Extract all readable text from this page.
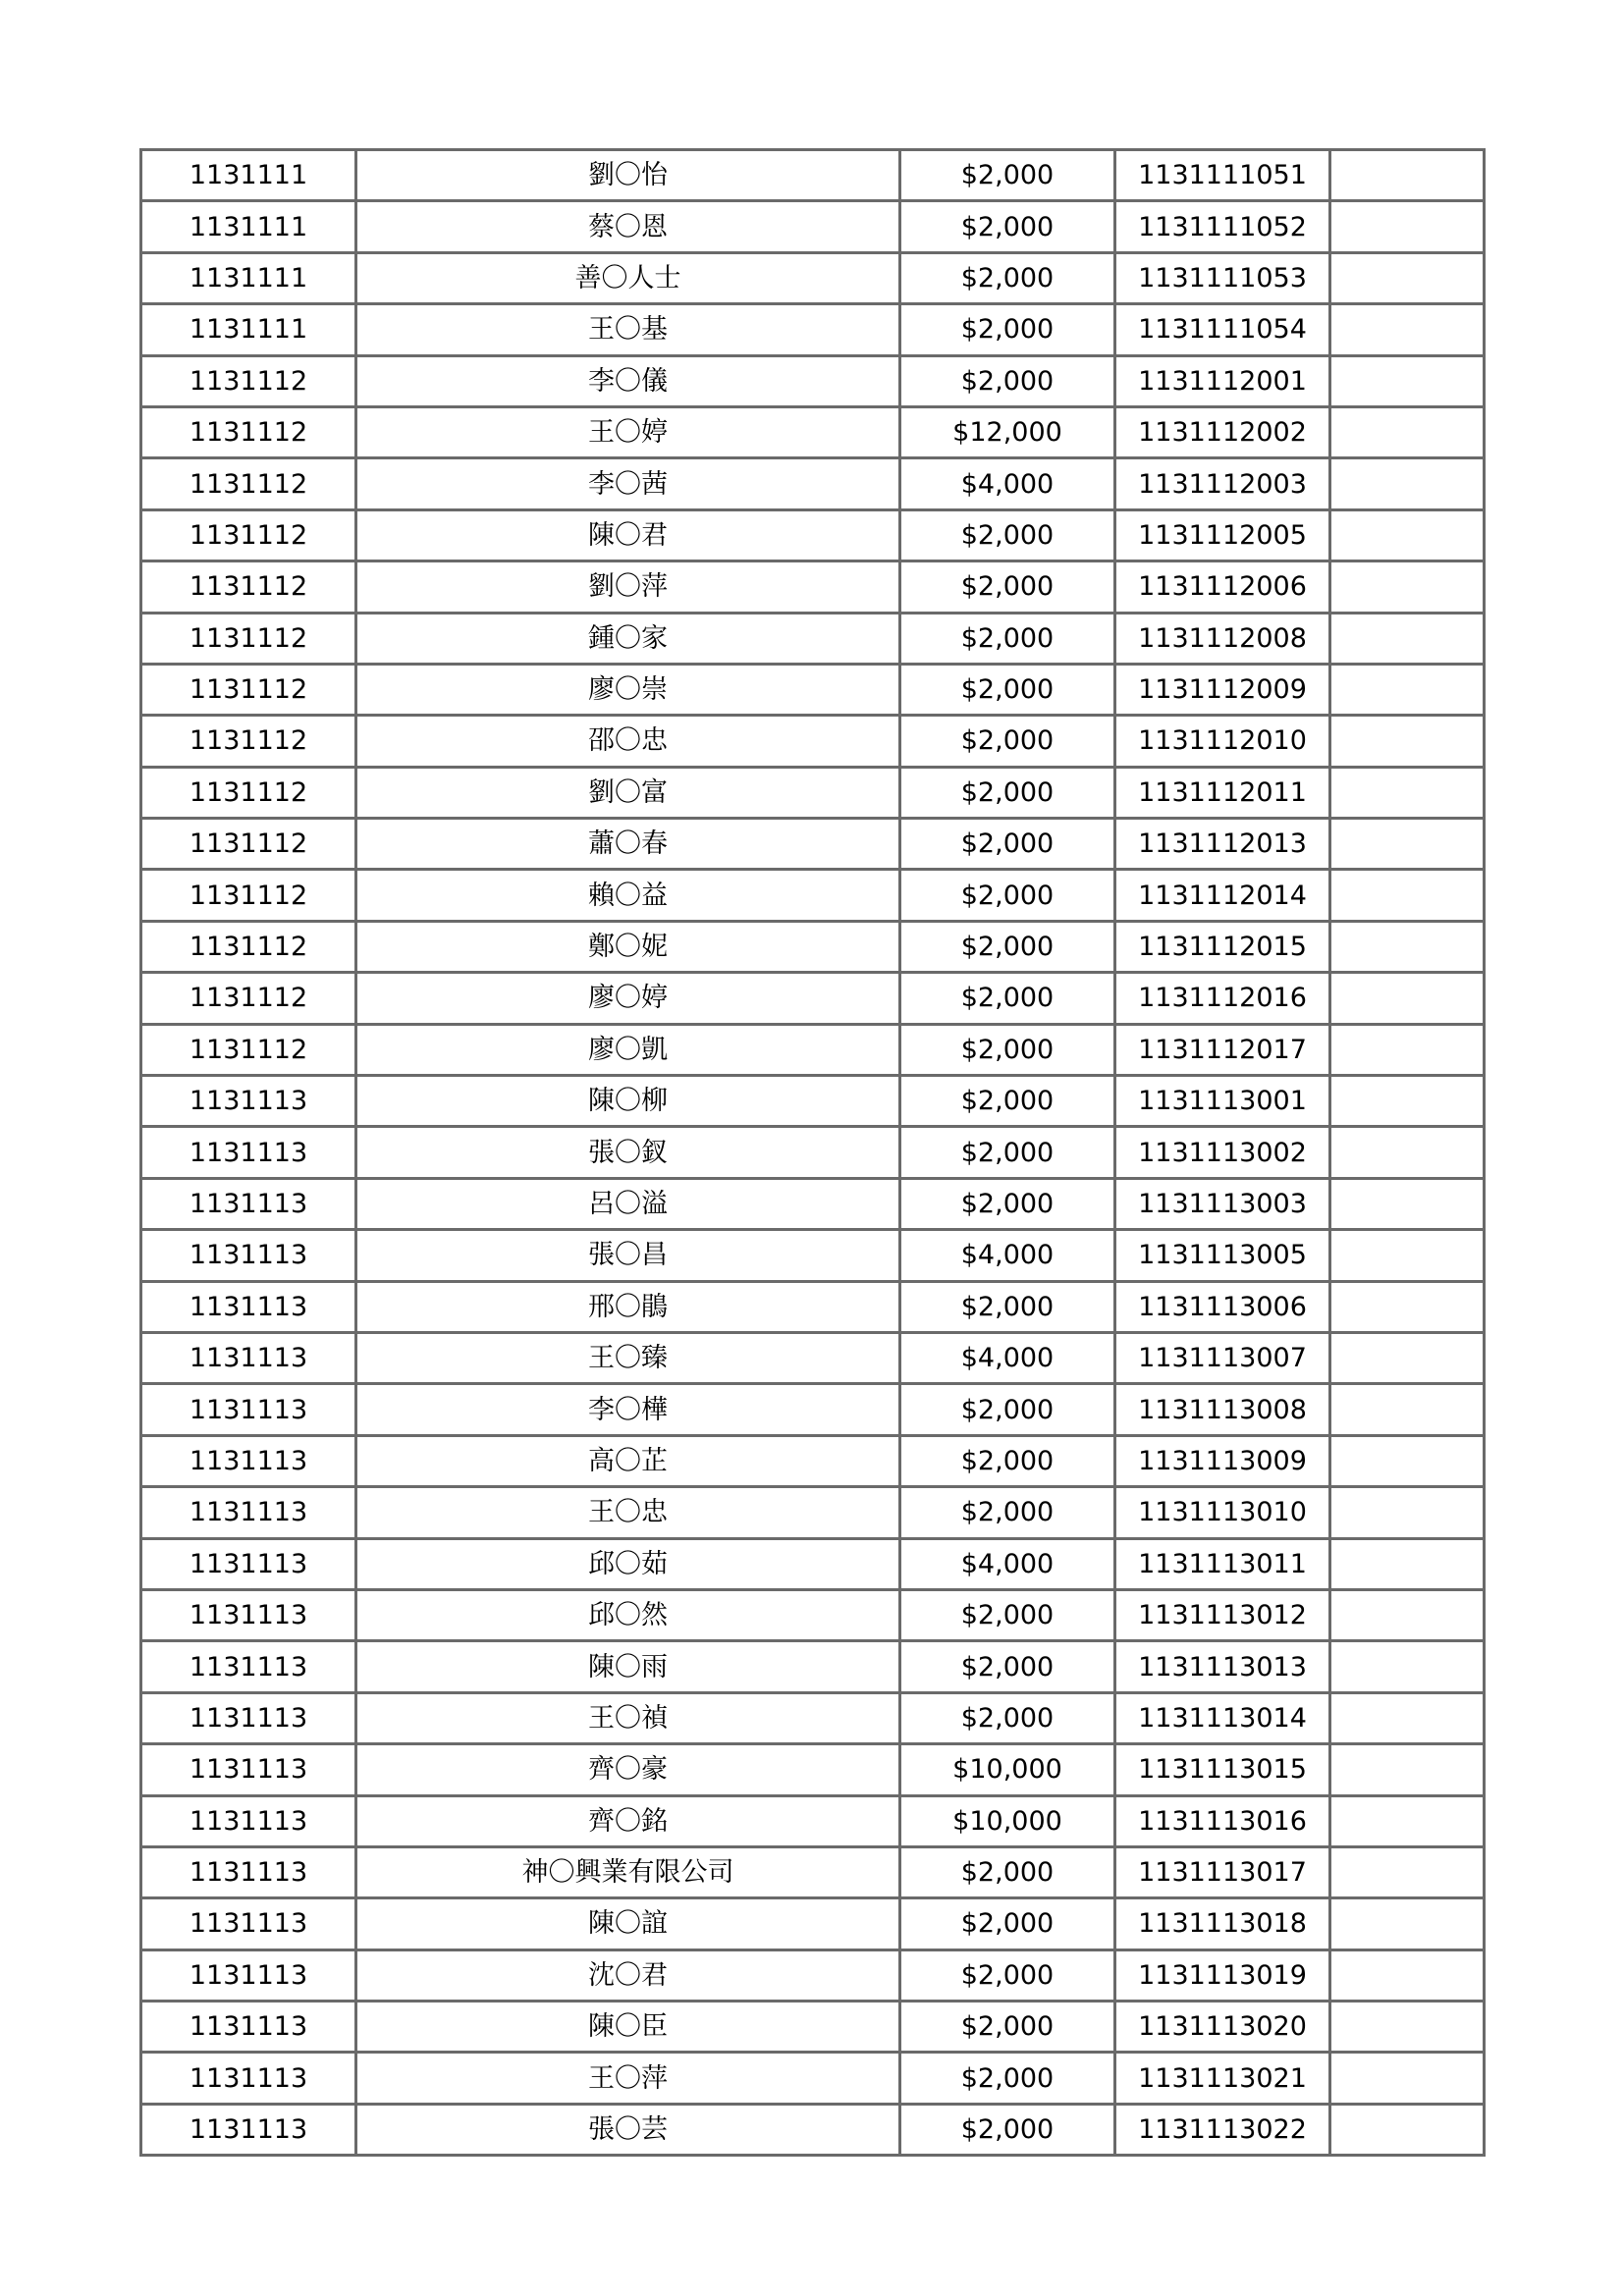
1131111	劉〇怡	$2,000	1131111051	
1131111	蔡〇恩	$2,000	1131111052	
1131111	善〇人士	$2,000	1131111053	
1131111	王〇基	$2,000	1131111054	
1131112	李〇儀	$2,000	1131112001	
1131112	王〇婷	$12,000	1131112002	
1131112	李〇茜	$4,000	1131112003	
1131112	陳〇君	$2,000	1131112005	
1131112	劉〇萍	$2,000	1131112006	
1131112	鍾〇家	$2,000	1131112008	
1131112	廖〇崇	$2,000	1131112009	
1131112	邵〇忠	$2,000	1131112010	
1131112	劉〇富	$2,000	1131112011	
1131112	蕭〇春	$2,000	1131112013	
1131112	賴〇益	$2,000	1131112014	
1131112	鄭〇妮	$2,000	1131112015	
1131112	廖〇婷	$2,000	1131112016	
1131112	廖〇凱	$2,000	1131112017	
1131113	陳〇柳	$2,000	1131113001	
1131113	張〇釵	$2,000	1131113002	
1131113	呂〇溢	$2,000	1131113003	
1131113	張〇昌	$4,000	1131113005	
1131113	邢〇鵑	$2,000	1131113006	
1131113	王〇臻	$4,000	1131113007	
1131113	李〇樺	$2,000	1131113008	
1131113	高〇芷	$2,000	1131113009	
1131113	王〇忠	$2,000	1131113010	
1131113	邱〇茹	$4,000	1131113011	
1131113	邱〇然	$2,000	1131113012	
1131113	陳〇雨	$2,000	1131113013	
1131113	王〇禎	$2,000	1131113014	
1131113	齊〇豪	$10,000	1131113015	
1131113	齊〇銘	$10,000	1131113016	
1131113	神〇興業有限公司	$2,000	1131113017	
1131113	陳〇誼	$2,000	1131113018	
1131113	沈〇君	$2,000	1131113019	
1131113	陳〇臣	$2,000	1131113020	
1131113	王〇萍	$2,000	1131113021	
1131113	張〇芸	$2,000	1131113022	
